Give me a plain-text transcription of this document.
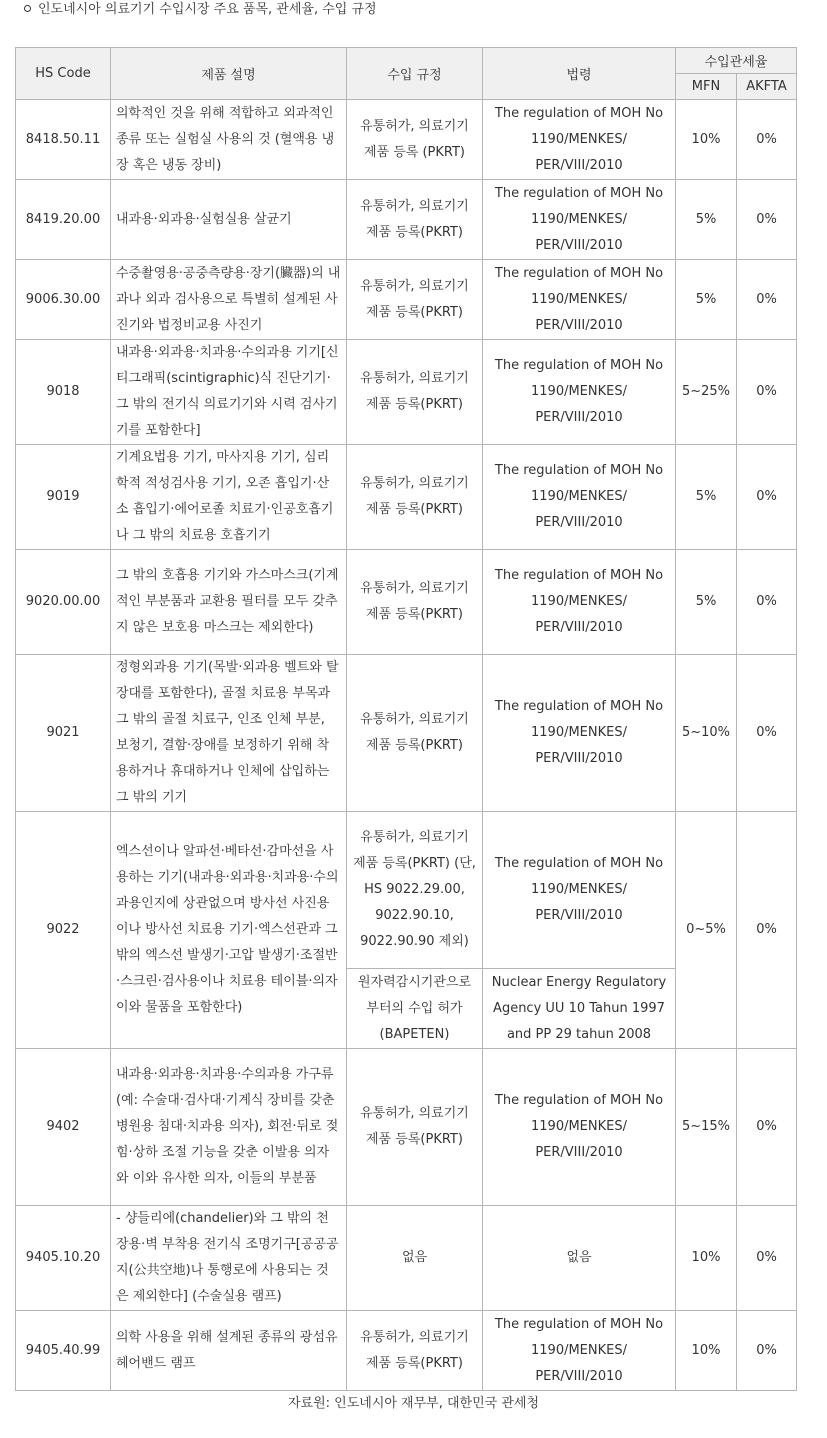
인도네시아 의료기기 수입시장 주요 품목, 관세율, 수입 규정
HS Code	제품 설명	수입 규정	법령	수입관세율	
				MFN	AKFTA
8418.50.11	의학적인 것을 위해 적합하고 외과적인 종류 또는 실험실 사용의 것 (혈액용 냉장 혹은 냉동 장비)	유통허가, 의료기기 제품 등록 (PKRT)	The regulation of MOH No 1190/MENKES/ PER/VIII/2010	10%	0%
8419.20.00	내과용·외과용·실험실용 살균기	유통허가, 의료기기 제품 등록(PKRT)	The regulation of MOH No 1190/MENKES/ PER/VIII/2010	5%	0%
9006.30.00	수중촬영용·공중측량용·장기(臟器)의 내과나 외과 검사용으로 특별히 설계된 사진기와 법정비교용 사진기	유통허가, 의료기기 제품 등록(PKRT)	The regulation of MOH No 1190/MENKES/ PER/VIII/2010	5%	0%
9018	내과용·외과용·치과용·수의과용 기기[신티그래픽(scintigraphic)식 진단기기·그 밖의 전기식 의료기기와 시력 검사기기를 포함한다]	유통허가, 의료기기 제품 등록(PKRT)	The regulation of MOH No 1190/MENKES/ PER/VIII/2010	5~25%	0%
9019	기계요법용 기기, 마사지용 기기, 심리학적 적성검사용 기기, 오존 흡입기·산소 흡입기·에어로졸 치료기·인공호흡기나 그 밖의 치료용 호흡기기	유통허가, 의료기기 제품 등록(PKRT)	The regulation of MOH No 1190/MENKES/ PER/VIII/2010	5%	0%
9020.00.00	그 밖의 호흡용 기기와 가스마스크(기계적인 부분품과 교환용 필터를 모두 갖추지 않은 보호용 마스크는 제외한다)	유통허가, 의료기기 제품 등록(PKRT)	The regulation of MOH No 1190/MENKES/ PER/VIII/2010	5%	0%
9021	정형외과용 기기(목발·외과용 벨트와 탈장대를 포함한다), 골절 치료용 부목과 그 밖의 골절 치료구, 인조 인체 부분, 보청기, 결함·장애를 보정하기 위해 착용하거나 휴대하거나 인체에 삽입하는 그 밖의 기기	유통허가, 의료기기 제품 등록(PKRT)	The regulation of MOH No 1190/MENKES/ PER/VIII/2010	5~10%	0%
9022	엑스선이나 알파선·베타선·감마선을 사용하는 기기(내과용·외과용·치과용·수의과용인지에 상관없으며 방사선 사진용이나 방사선 치료용 기기·엑스선관과 그 밖의 엑스선 발생기·고압 발생기·조절반·스크린·검사용이나 치료용 테이블·의자 이와 물품을 포함한다)	유통허가, 의료기기 제품 등록(PKRT) (단, HS 9022.29.00, 9022.90.10, 9022.90.90 제외)	The regulation of MOH No 1190/MENKES/ PER/VIII/2010	0~5%	0%
		원자력감시기관으로부터의 수입 허가 (BAPETEN)	Nuclear Energy Regulatory Agency UU 10 Tahun 1997 and PP 29 tahun 2008		
9402	내과용·외과용·치과용·수의과용 가구류(예: 수술대·검사대·기계식 장비를 갖춘 병원용 침대·치과용 의자), 회전·뒤로 젖힘·상하 조절 기능을 갖춘 이발용 의자와 이와 유사한 의자, 이들의 부분품	유통허가, 의료기기 제품 등록(PKRT)	The regulation of MOH No 1190/MENKES/ PER/VIII/2010	5~15%	0%
9405.10.20	- 샹들리에(chandelier)와 그 밖의 천장용·벽 부착용 전기식 조명기구[공공공지(公共空地)나 통행로에 사용되는 것은 제외한다] (수술실용 램프)	없음	없음	10%	0%
9405.40.99	의학 사용을 위해 설계된 종류의 광섬유 헤어밴드 램프	유통허가, 의료기기 제품 등록(PKRT)	The regulation of MOH No 1190/MENKES/ PER/VIII/2010	10%	0%
자료원: 인도네시아 재무부, 대한민국 관세청
